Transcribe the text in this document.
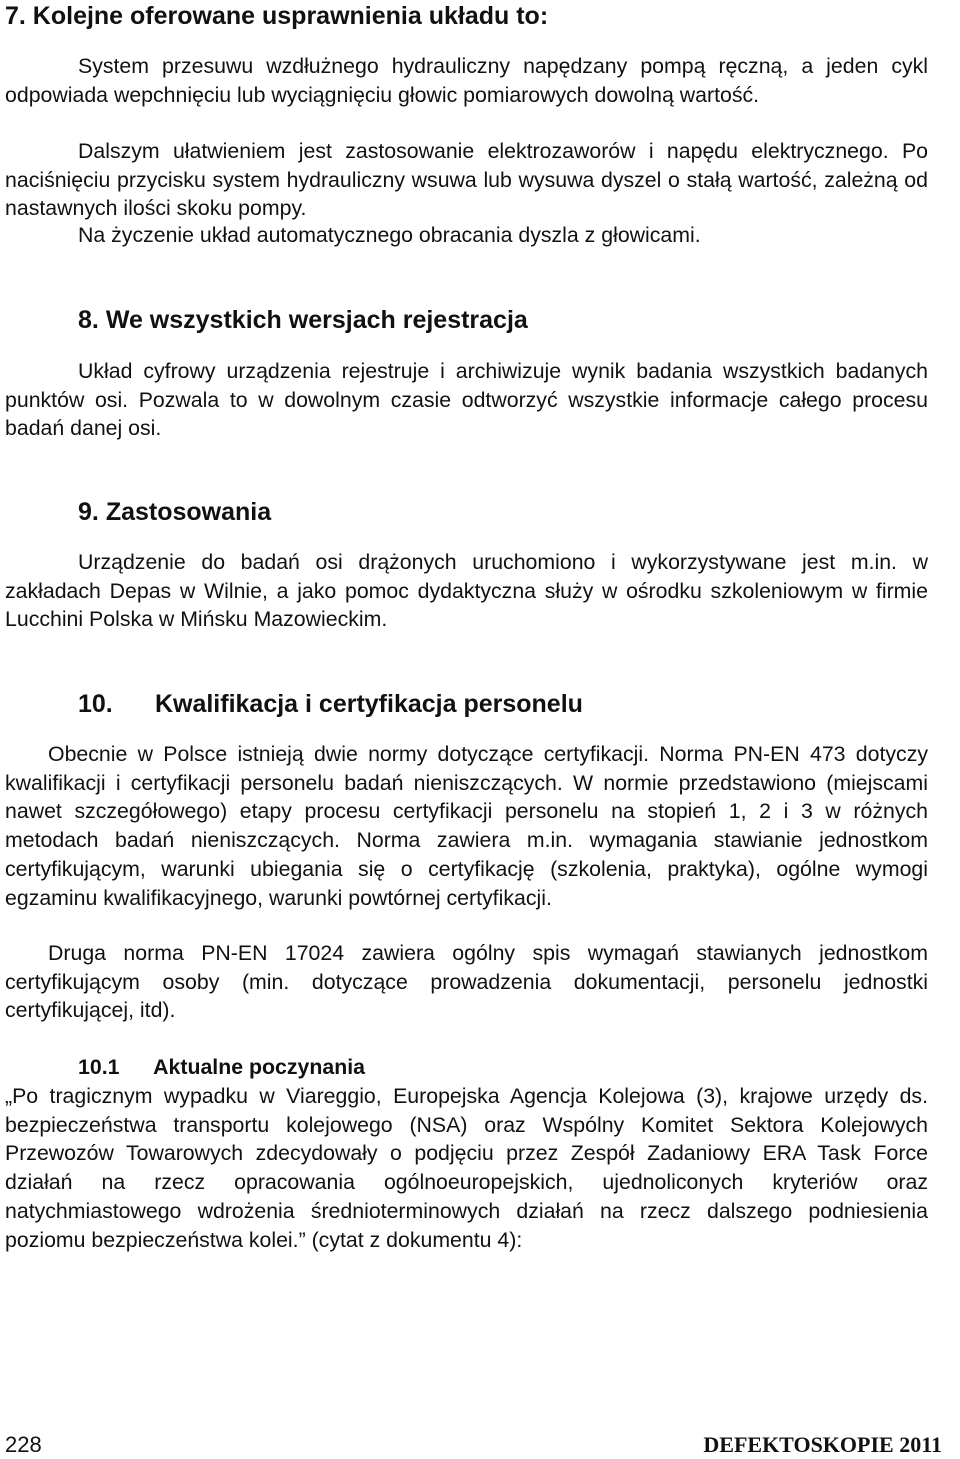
7. Kolejne oferowane usprawnienia układu to:
System przesuwu wzdłużnego hydrauliczny napędzany pompą ręczną, a jeden cykl odpowiada wepchnięciu lub wyciągnięciu głowic pomiarowych dowolną wartość.
Dalszym ułatwieniem jest zastosowanie elektrozaworów i napędu elektrycznego. Po naciśnięciu przycisku system hydrauliczny wsuwa lub wysuwa dyszel o stałą wartość, zależną od nastawnych ilości skoku pompy.
Na życzenie układ automatycznego obracania dyszla z głowicami.
8. We wszystkich wersjach rejestracja
Układ cyfrowy urządzenia rejestruje i archiwizuje wynik badania wszystkich badanych punktów osi. Pozwala to w dowolnym czasie odtworzyć wszystkie informacje całego procesu badań danej osi.
9. Zastosowania
Urządzenie do badań osi drążonych uruchomiono i wykorzystywane jest m.in. w zakładach Depas w Wilnie, a jako pomoc dydaktyczna służy w ośrodku szkoleniowym w firmie Lucchini Polska w Mińsku Mazowieckim.
10. Kwalifikacja i certyfikacja personelu
Obecnie w Polsce istnieją dwie normy dotyczące certyfikacji. Norma PN-EN 473 dotyczy kwalifikacji i certyfikacji personelu badań nieniszczących. W normie przedstawiono (miejscami nawet szczegółowego) etapy procesu certyfikacji personelu na stopień 1, 2 i 3 w różnych metodach badań nieniszczących. Norma zawiera m.in. wymagania stawianie jednostkom certyfikującym, warunki ubiegania się o certyfikację (szkolenia, praktyka), ogólne wymogi egzaminu kwalifikacyjnego, warunki powtórnej certyfikacji.
Druga norma PN-EN 17024 zawiera ogólny spis wymagań stawianych jednostkom certyfikującym osoby (min. dotyczące prowadzenia dokumentacji, personelu jednostki certyfikującej, itd).
10.1 Aktualne poczynania
„Po tragicznym wypadku w Viareggio, Europejska Agencja Kolejowa (3), krajowe urzędy ds. bezpieczeństwa transportu kolejowego (NSA) oraz Wspólny Komitet Sektora Kolejowych Przewozów Towarowych zdecydowały o podjęciu przez Zespół Zadaniowy ERA Task Force działań na rzecz opracowania ogólnoeuropejskich, ujednoliconych kryteriów oraz natychmiastowego wdrożenia średnioterminowych działań na rzecz dalszego podniesienia poziomu bezpieczeństwa kolei.” (cytat z dokumentu 4):
228	DEFEKTOSKOPIE 2011
